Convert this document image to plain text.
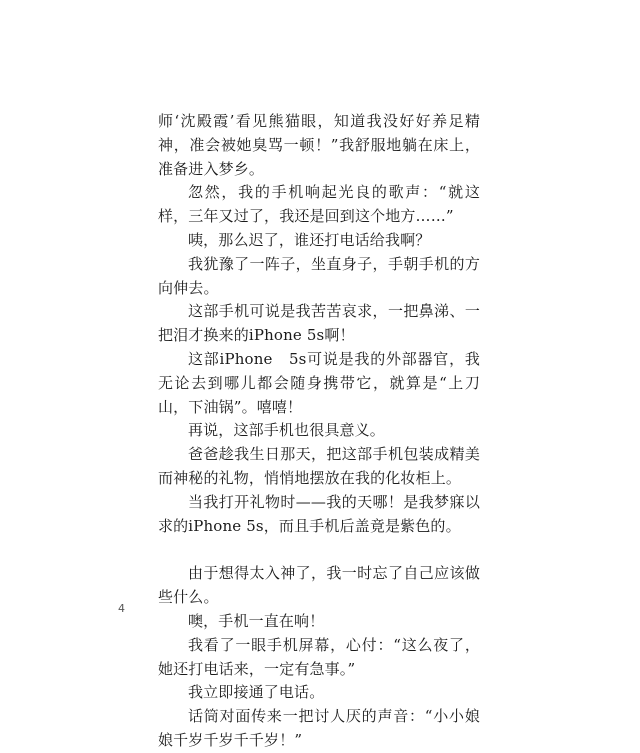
师‘沈殿霞’看见熊猫眼，知道我没好好养足精神，准会被她臭骂一顿！”我舒服地躺在床上，准备进入梦乡。

忽然，我的手机响起光良的歌声：“就这样，三年又过了，我还是回到这个地方……”

咦，那么迟了，谁还打电话给我啊？

我犹豫了一阵子，坐直身子，手朝手机的方向伸去。

这部手机可说是我苦苦哀求，一把鼻涕、一把泪才换来的iPhone 5s啊！

这部iPhone　5s可说是我的外部器官，我无论去到哪儿都会随身携带它，就算是“上刀山，下油锅”。嘻嘻！

再说，这部手机也很具意义。

爸爸趁我生日那天，把这部手机包装成精美而神秘的礼物，悄悄地摆放在我的化妆柜上。

当我打开礼物时——我的天哪！是我梦寐以求的iPhone 5s，而且手机后盖竟是紫色的。

由于想得太入神了，我一时忘了自己应该做些什么。

噢，手机一直在响！

我看了一眼手机屏幕，心付：“这么夜了，她还打电话来，一定有急事。”

我立即接通了电话。

话筒对面传来一把讨人厌的声音：“小小娘娘千岁千岁千千岁！”

4
